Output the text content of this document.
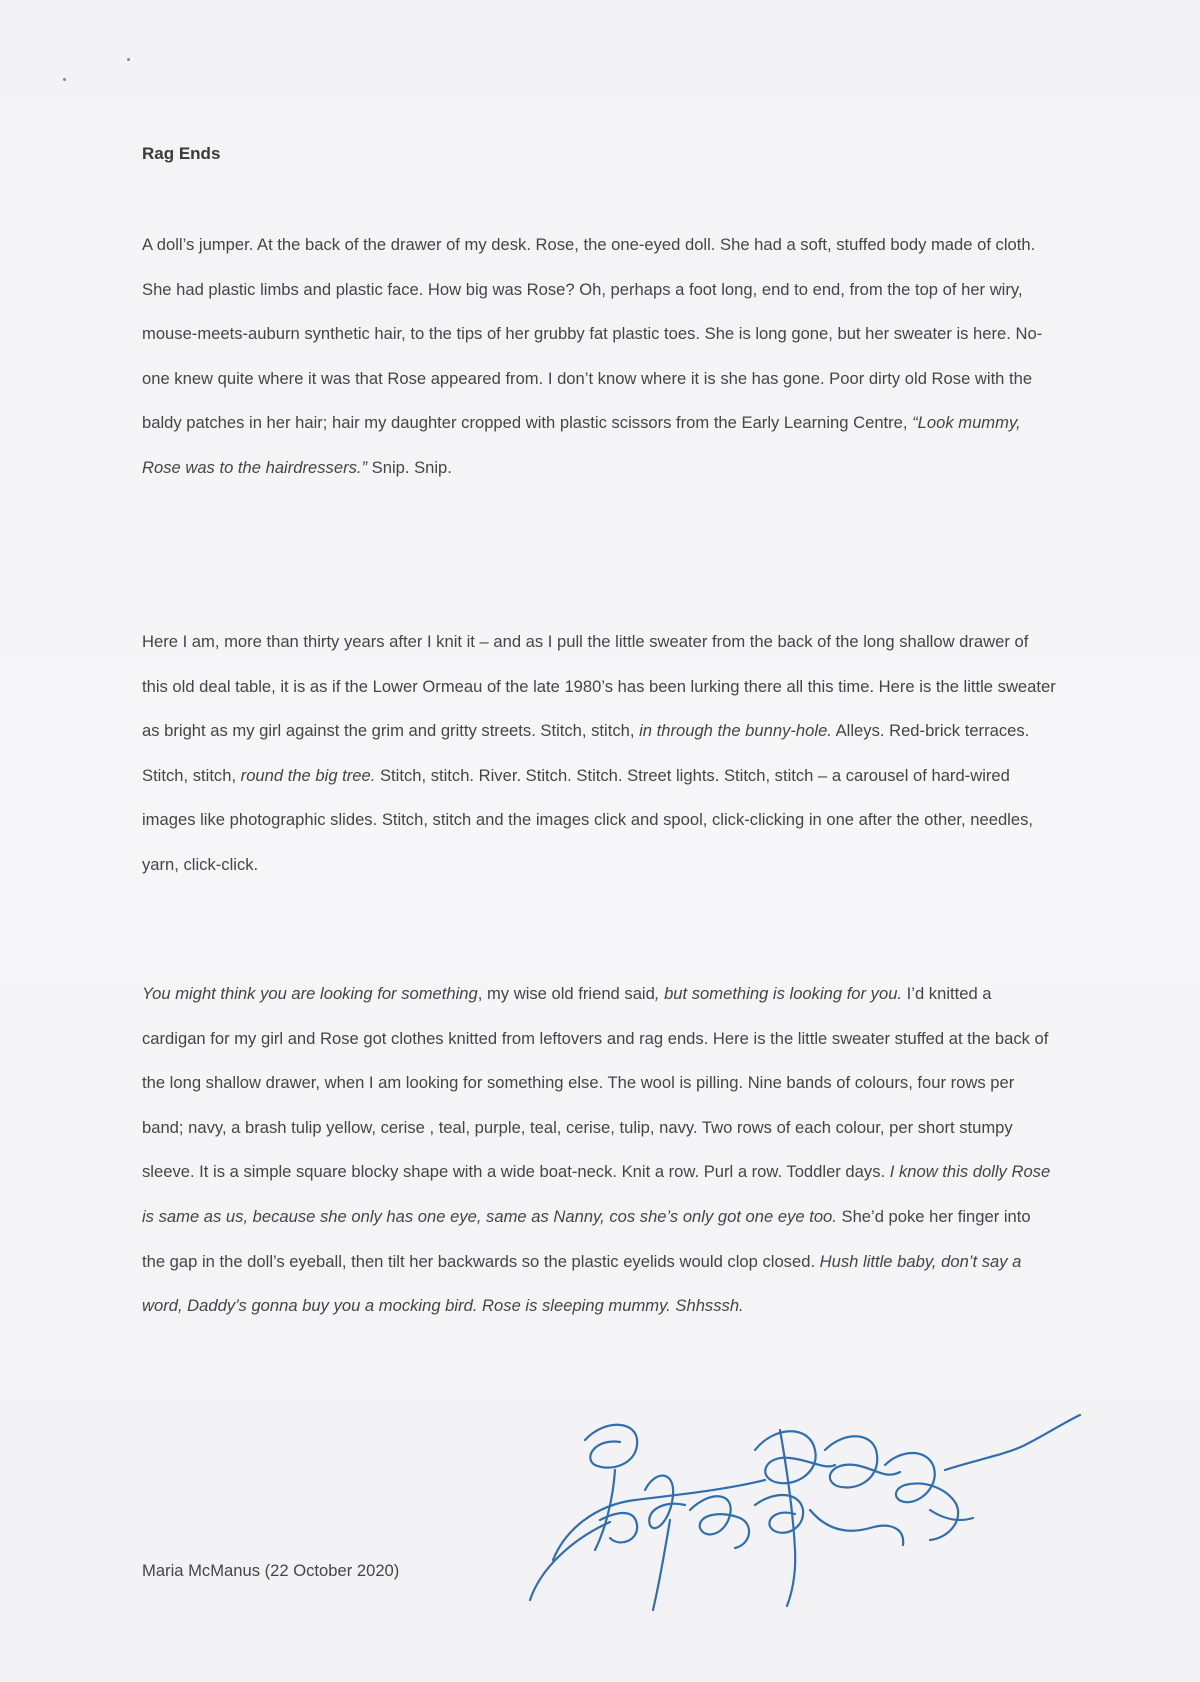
Rag Ends

A doll’s jumper. At the back of the drawer of my desk. Rose, the one-eyed doll. She had a soft, stuffed body made of cloth. She had plastic limbs and plastic face. How big was Rose? Oh, perhaps a foot long, end to end, from the top of her wiry, mouse-meets-auburn synthetic hair, to the tips of her grubby fat plastic toes. She is long gone, but her sweater is here. No-one knew quite where it was that Rose appeared from. I don’t know where it is she has gone. Poor dirty old Rose with the baldy patches in her hair; hair my daughter cropped with plastic scissors from the Early Learning Centre, “Look mummy, Rose was to the hairdressers.” Snip. Snip.

Here I am, more than thirty years after I knit it – and as I pull the little sweater from the back of the long shallow drawer of this old deal table, it is as if the Lower Ormeau of the late 1980’s has been lurking there all this time. Here is the little sweater as bright as my girl against the grim and gritty streets. Stitch, stitch, in through the bunny-hole. Alleys. Red-brick terraces. Stitch, stitch, round the big tree. Stitch, stitch. River. Stitch. Stitch. Street lights. Stitch, stitch – a carousel of hard-wired images like photographic slides. Stitch, stitch and the images click and spool, click-clicking in one after the other, needles, yarn, click-click.

You might think you are looking for something, my wise old friend said, but something is looking for you. I’d knitted a cardigan for my girl and Rose got clothes knitted from leftovers and rag ends. Here is the little sweater stuffed at the back of the long shallow drawer, when I am looking for something else. The wool is pilling. Nine bands of colours, four rows per band; navy, a brash tulip yellow, cerise , teal, purple, teal, cerise, tulip, navy. Two rows of each colour, per short stumpy sleeve. It is a simple square blocky shape with a wide boat-neck. Knit a row. Purl a row. Toddler days. I know this dolly Rose is same as us, because she only has one eye, same as Nanny, cos she’s only got one eye too. She’d poke her finger into the gap in the doll’s eyeball, then tilt her backwards so the plastic eyelids would clop closed. Hush little baby, don’t say a word, Daddy’s gonna buy you a mocking bird. Rose is sleeping mummy. Shhsssh.

Maria McManus (22 October 2020)
